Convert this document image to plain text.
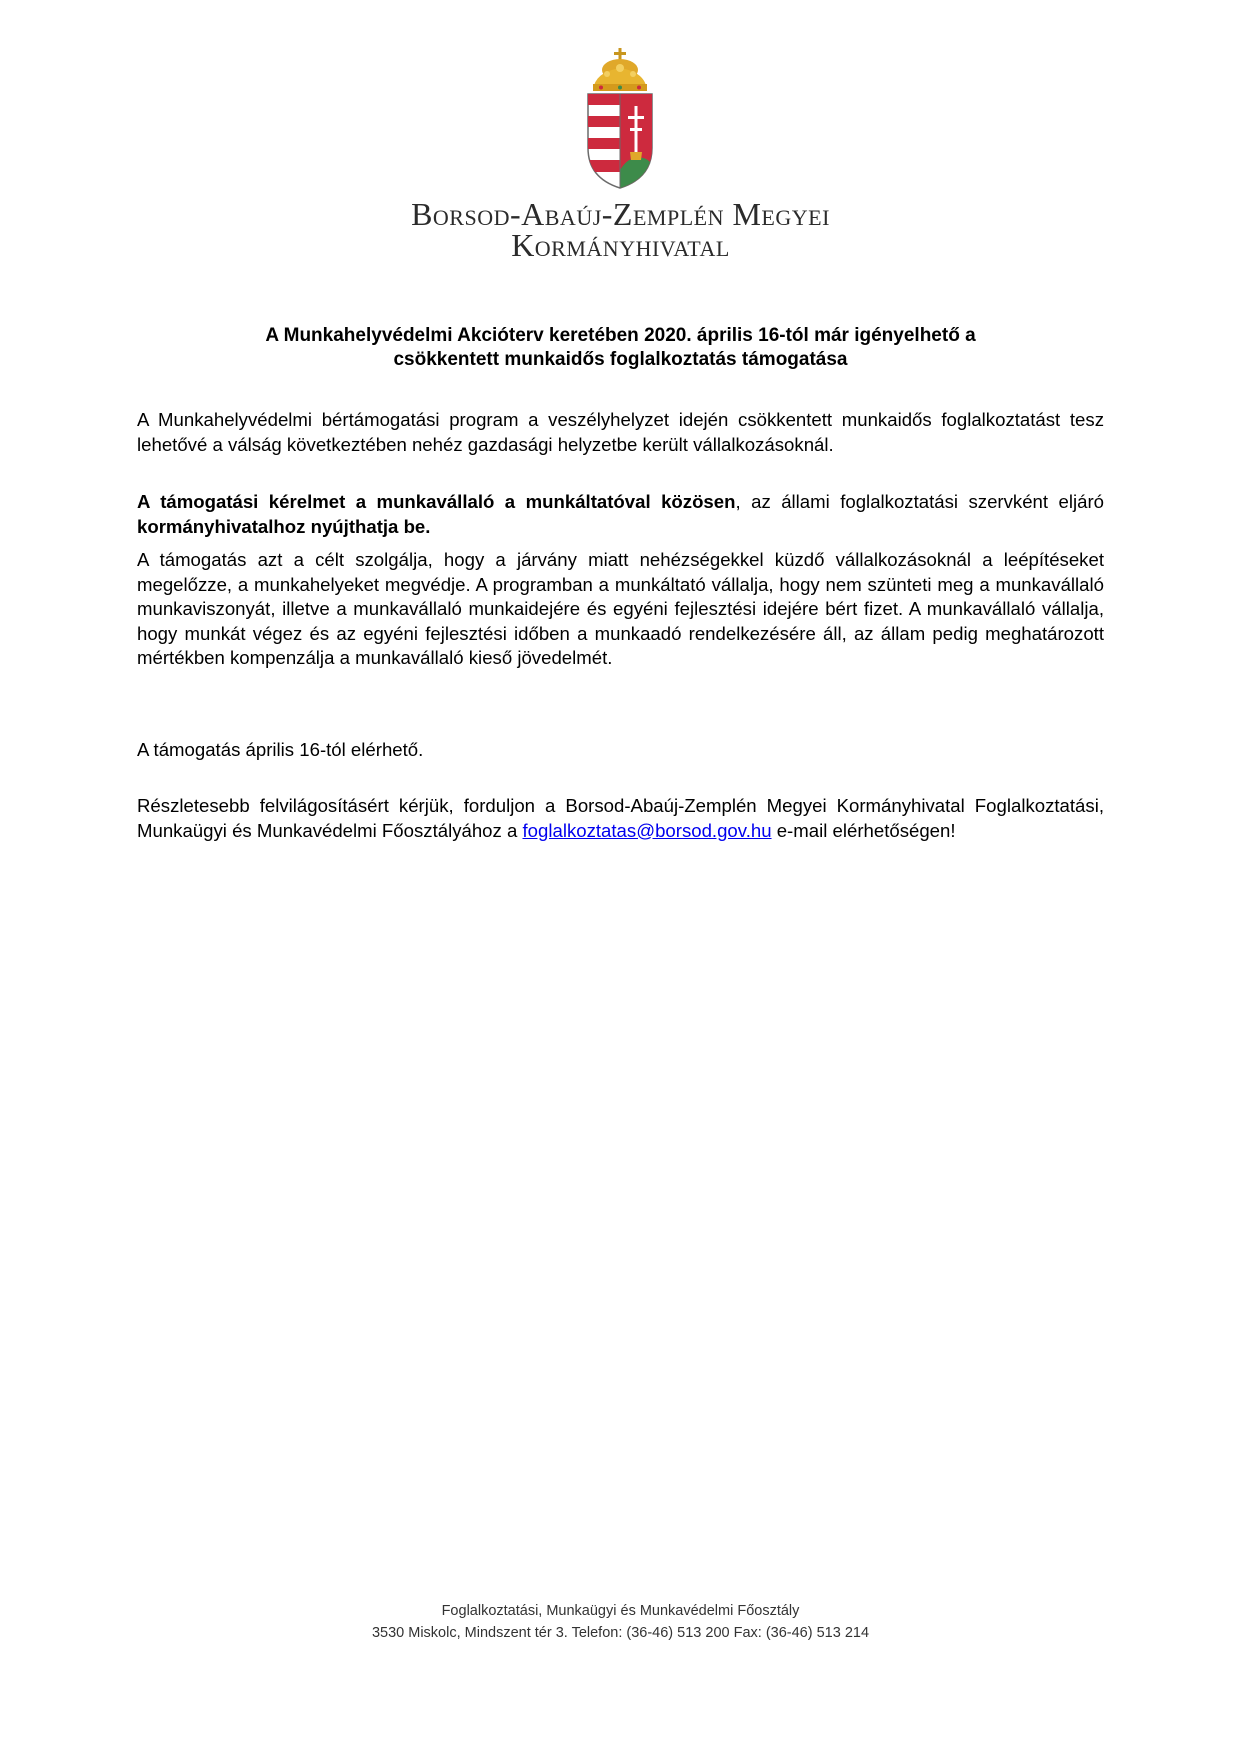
Borsod-Abaúj-Zemplén Megyei
Kormányhivatal
A Munkahelyvédelmi Akcióterv keretében 2020. április 16-tól már igényelhető a
csökkentett munkaidős foglalkoztatás támogatása
A Munkahelyvédelmi bértámogatási program a veszélyhelyzet idején csökkentett munkaidős foglalkoztatást tesz lehetővé a válság következtében nehéz gazdasági helyzetbe került vállalkozásoknál.
A támogatási kérelmet a munkavállaló a munkáltatóval közösen, az állami foglalkoztatási szervként eljáró kormányhivatalhoz nyújthatja be.
A támogatás azt a célt szolgálja, hogy a járvány miatt nehézségekkel küzdő vállalkozásoknál a leépítéseket megelőzze, a munkahelyeket megvédje. A programban a munkáltató vállalja, hogy nem szünteti meg a munkavállaló munkaviszonyát, illetve a munkavállaló munkaidejére és egyéni fejlesztési idejére bért fizet. A munkavállaló vállalja, hogy munkát végez és az egyéni fejlesztési időben a munkaadó rendelkezésére áll, az állam pedig meghatározott mértékben kompenzálja a munkavállaló kieső jövedelmét.
A támogatás április 16-tól elérhető.
Részletesebb felvilágosításért kérjük, forduljon a Borsod-Abaúj-Zemplén Megyei Kormányhivatal Foglalkoztatási, Munkaügyi és Munkavédelmi Főosztályához a foglalkoztatas@borsod.gov.hu e-mail elérhetőségen!
Foglalkoztatási, Munkaügyi és Munkavédelmi Főosztály
3530 Miskolc, Mindszent tér 3. Telefon: (36-46) 513 200 Fax: (36-46) 513 214
